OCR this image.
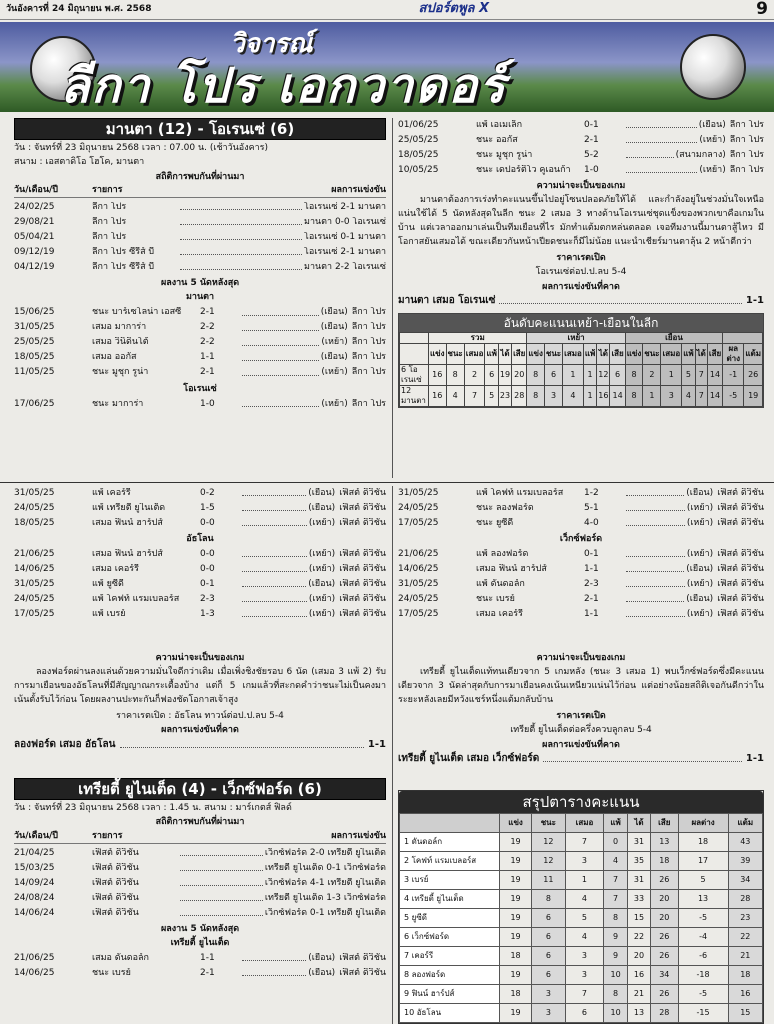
วันอังคารที่ 24 มิถุนายน พ.ศ. 2568	สปอร์ตพูล X	9
วิจารณ์
ลีกา โปร เอกวาดอร์
มานตา (12) - โอเรนเซ่ (6)
วัน : จันทร์ที่ 23 มิถุนายน 2568 เวลา : 07.00 น. (เช้าวันอังคาร)
สนาม : เอสตาดิโอ โฮโค, มานตา
สถิติการพบกันที่ผ่านมา
วัน/เดือน/ปี	รายการ	ผลการแข่งขัน
24/02/25	ลีกา โปร	โอเรนเซ่ 2-1 มานตา
29/08/21	ลีกา โปร	มานตา 0-0 โอเรนเซ่
05/04/21	ลีกา โปร	โอเรนเซ่ 0-1 มานตา
09/12/19	ลีกา โปร ซีรีส์ บี	โอเรนเซ่ 2-1 มานตา
04/12/19	ลีกา โปร ซีรีส์ บี	มานตา 2-2 โอเรนเซ่
ผลงาน 5 นัดหลังสุด
มานตา
15/06/25	ชนะ บาร์เซโลน่า เอสซี	2-1	(เยือน) ลีกา โปร
31/05/25	เสมอ มาการ่า	2-2	(เยือน) ลีกา โปร
25/05/25	เสมอ วินิดินโต้	2-2	(เหย้า) ลีกา โปร
18/05/25	เสมอ ออกัส	1-1	(เยือน) ลีกา โปร
11/05/25	ชนะ มูชุก รูน่า	2-1	(เหย้า) ลีกา โปร
โอเรนเซ่
17/06/25	ชนะ มาการ่า	1-0	(เหย้า) ลีกา โปร
01/06/25	แพ้ เอเมเล็ก	0-1	(เยือน) ลีกา โปร
25/05/25	ชนะ ออกัส	2-1	(เหย้า) ลีกา โปร
18/05/25	ชนะ มูชุก รูน่า	5-2	(สนามกลาง) ลีกา โปร
10/05/25	ชนะ เดปอร์ติโว คูเอนก้า	1-0	(เหย้า) ลีกา โปร
ความน่าจะเป็นของเกม
มานตาต้องการเร่งทำคะแนนขึ้นไปอยู่โซนปลอดภัยให้ได้ และกำลังอยู่ในช่วงมั่นใจเหนือแน่นใช้ได้ 5 นัดหลังสุดในลีก ชนะ 2 เสมอ 3 ทางด้านโอเรนเซ่ชุดแข็งของพวกเขาคือเกมในบ้าน แต่เวลาออกมาเล่นเป็นทีมเยือนที่ไร มักทำแต้มตกหล่นตลอด เจอทีมงานนี้มานตาสู้ไหว มีโอกาสยันเสมอได้ ขณะเดียวกันหน้าเปียดชนะก็มีไม่น้อย แนะนำเชียร์มานตาลุ้น 2 หน้าตีกว่า
ราคาเรตเปิด
โอเรนเซ่ต่อป.ป.ลบ 5-4
ผลการแข่งขันที่คาด
มานตา เสมอ โอเรนเซ่	1-1
อันดับคะแนนเหย้า-เยือนในลีก
	รวม						เหย้า						เยือน							
	แข่ง	ชนะ	เสมอ	แพ้	ได้	เสีย	แข่ง	ชนะ	เสมอ	แพ้	ได้	เสีย	แข่ง	ชนะ	เสมอ	แพ้	ได้	เสีย	ผลต่าง	แต้ม
6 โอเรนเซ่	16	8	2	6	19	20	8	6	1	1	12	6	8	2	1	5	7	14	-1	26
12 มานตา	16	4	7	5	23	28	8	3	4	1	16	14	8	1	3	4	7	14	-5	19
31/05/25	แพ้ เคอร์รี	0-2	(เยือน) เฟิสต์ ดิวิชั่น
24/05/25	แพ้ เทรียตี้ ยูไนเต็ด	1-5	(เยือน) เฟิสต์ ดิวิชั่น
18/05/25	เสมอ ฟินน์ ฮาร์ปส์	0-0	(เหย้า) เฟิสต์ ดิวิชั่น
อัธโลน
21/06/25	เสมอ ฟินน์ ฮาร์ปส์	0-0	(เหย้า) เฟิสต์ ดิวิชั่น
14/06/25	เสมอ เคอร์รี	0-0	(เหย้า) เฟิสต์ ดิวิชั่น
31/05/25	แพ้ ยูซีดี	0-1	(เยือน) เฟิสต์ ดิวิชั่น
24/05/25	แพ้ โคฟท์ แรมเบลอร์ส	2-3	(เหย้า) เฟิสต์ ดิวิชั่น
17/05/25	แพ้ เบรย์	1-3	(เหย้า) เฟิสต์ ดิวิชั่น
31/05/25	แพ้ โคฟท์ แรมเบลอร์ส	1-2	(เยือน) เฟิสต์ ดิวิชั่น
24/05/25	ชนะ ลองฟอร์ด	5-1	(เหย้า) เฟิสต์ ดิวิชั่น
17/05/25	ชนะ ยูซีดี	4-0	(เหย้า) เฟิสต์ ดิวิชั่น
เว็กซ์ฟอร์ด
21/06/25	แพ้ ลองฟอร์ด	0-1	(เหย้า) เฟิสต์ ดิวิชั่น
14/06/25	เสมอ ฟินน์ ฮาร์ปส์	1-1	(เยือน) เฟิสต์ ดิวิชั่น
31/05/25	แพ้ ดันดอล์ก	2-3	(เหย้า) เฟิสต์ ดิวิชั่น
24/05/25	ชนะ เบรย์	2-1	(เยือน) เฟิสต์ ดิวิชั่น
17/05/25	เสมอ เคอร์รี	1-1	(เหย้า) เฟิสต์ ดิวิชั่น
ความน่าจะเป็นของเกม
ลองฟอร์ดผ่านลงแล่นด้วยความมั่นใจดีกว่าเดิม เมื่อเพิ่งชิงชัยรอบ 6 นัด (เสมอ 3 แพ้ 2) รับการมาเยือนของอัธโลนที่มีสัญญาณกระเตื้องบ้าง แต่ก็ 5 เกมแล้วที่สะกดคำว่าชนะไม่เป็นคงมาเน้นตั้งรับไว้ก่อน โดยผลงานปะทะกันก็ฟองชัดโอกาสเจ้าสูง
ราคาเรตเปิด : อัธโลน ทาวน์ต่อป.ป.ลบ 5-4
ผลการแข่งขันที่คาด
ลองฟอร์ด เสมอ อัธโลน	1-1
ความน่าจะเป็นของเกม
เทรียตี้ ยูไนเต็ดแท้ทนเดียวจาก 5 เกมหลัง (ชนะ 3 เสมอ 1) พบเว็กซ์ฟอร์ดซึ่งมีคะแนนเดียวจาก 3 นัดล่าสุดกับการมาเยือนคงเน้นเหนียวแน่นไว้ก่อน แต่อย่างน้อยสถิติเจอกันดีกว่าในระยะหลังเลยมีหวังแชร์หนึ่งแต้มกลับบ้าน
ราคาเรตเปิด
เทรียตี้ ยูไนเต็ดต่อครึ่งควบลูกลบ 5-4
ผลการแข่งขันที่คาด
เทรียตี้ ยูไนเต็ด เสมอ เว็กซ์ฟอร์ด	1-1
เทรียตี้ ยูไนเต็ด (4) - เว็กซ์ฟอร์ด (6)
วัน : จันทร์ที่ 23 มิถุนายน 2568 เวลา : 1.45 น. สนาม : มาร์เกตส์ ฟิลด์
สถิติการพบกันที่ผ่านมา
วัน/เดือน/ปี	รายการ	ผลการแข่งขัน
21/04/25	เฟิสต์ ดิวิชั่น	เว็กซ์ฟอร์ด 2-0 เทรียตี้ ยูไนเต็ด
15/03/25	เฟิสต์ ดิวิชั่น	เทรียตี้ ยูไนเต็ด 0-1 เว็กซ์ฟอร์ด
14/09/24	เฟิสต์ ดิวิชั่น	เว็กซ์ฟอร์ด 4-1 เทรียตี้ ยูไนเต็ด
24/08/24	เฟิสต์ ดิวิชั่น	เทรียตี้ ยูไนเต็ด 1-3 เว็กซ์ฟอร์ด
14/06/24	เฟิสต์ ดิวิชั่น	เว็กซ์ฟอร์ด 0-1 เทรียตี้ ยูไนเต็ด
ผลงาน 5 นัดหลังสุด
เทรียตี้ ยูไนเต็ด
21/06/25	เสมอ ดันดอล์ก	1-1	(เยือน) เฟิสต์ ดิวิชั่น
14/06/25	ชนะ เบรย์	2-1	(เยือน) เฟิสต์ ดิวิชั่น
สรุปตารางคะแนน
	แข่ง	ชนะ	เสมอ	แพ้	ได้	เสีย	ผลต่าง	แต้ม
1 ดันดอล์ก	19	12	7	0	31	13	18	43
2 โคฟท์ แรมเบลอร์ส	19	12	3	4	35	18	17	39
3 เบรย์	19	11	1	7	31	26	5	34
4 เทรียตี้ ยูไนเต็ด	19	8	4	7	33	20	13	28
5 ยูซีดี	19	6	5	8	15	20	-5	23
6 เว็กซ์ฟอร์ด	19	6	4	9	22	26	-4	22
7 เคอร์รี	18	6	3	9	20	26	-6	21
8 ลองฟอร์ด	19	6	3	10	16	34	-18	18
9 ฟินน์ ฮาร์ปส์	18	3	7	8	21	26	-5	16
10 อัธโลน	19	3	6	10	13	28	-15	15
